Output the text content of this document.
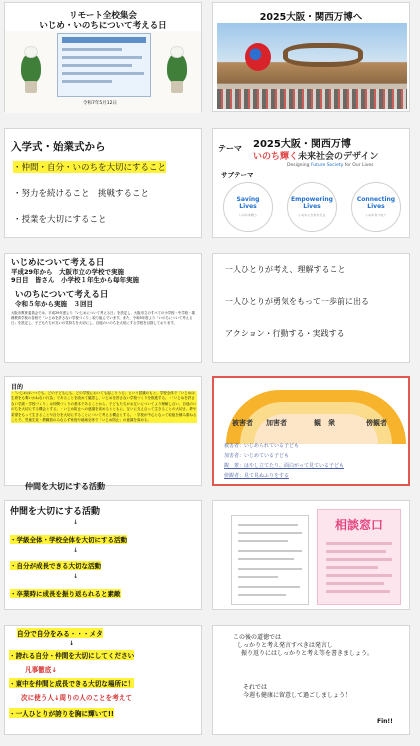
リモート全校集会
いじめ・いのちについて考える日
令和7年5月12日
2025大阪・関西万博へ
入学式・始業式から
・仲間・自分・いのちを大切にすること
・努力を続けること　挑戦すること
・授業を大切にすること
2025大阪・関西万博
テーマ
いのち輝く未来社会のデザイン
Designing Future Society for Our Lives
サブテーマ
Saving
Lives
いのちを救う
Empowering
Lives
いのちに力を与える
Connecting
Lives
いのちをつなぐ
いじめについて考える日
平成29年から　大阪市立の学校で実施
9日目　皆さん　小学校１年生から毎年実施
いのちについて考える日
令和５年から実施　３回目

大阪市教育委員会では、平成29年度より「いじめについて考える日」を設定し、大阪市立のすべての小学校・中学校・義務教育学校の各校で「いじめを許さない学校づくり」取り組んでいます。また、令和5年度より「いのちについて考える日」を設定し、子どもたちが互いの気持ちを大切にし、自他のいのちを大切にする学校を目指しております。

一人ひとりが考え、理解すること
一人ひとりが勇気をもって一歩前に出る
アクション・行動する・実践する
目的

・「いじめはいつでも、どの子どもにも、どの学校においても起こりうる」という認識のもと、学校全体で「いじめは生命をも奪いかねない行為」であることを改めて確認し、いじめを許さない学校づくりを推進する。・「いじめを許さない学級・学校づくり」は仲間づくりの基本であることから、子どもたちがお互いについてより理解し合い、自他のいのちを大切にする機会とする。・いじめ防止への意識を高めるとともに、互いに支え合って生きることの大切さ、夢や希望をもって生きることや自分を大切にすることについて考える機会とする。・学校が中心となって取組を積み重ねることで、児童生徒・教職員のみならず家庭や地域全体で「いじめ防止」の意識を高める。

仲間を大切にする活動
被害者 加害者	観　衆	傍観者
被害者：いじめられている子ども
加害者：いじめている子ども
観　衆：はやし立てたり、面白がって見ている子ども
傍観者：見て見ぬふりをする
仲間を大切にする活動
↓
・学級全体・学校全体を大切にする活動
↓
・自分が成長できる大切な活動
↓
・卒業時に成長を振り返られると素敵
相談窓口
自分で自分をみる・・・メタ
↓
・誇れる自分・仲間を大切にしてください
凡事徹底↓
・東中を仲間と成長できる大切な場所に！
次に使う人↓周りの人のことを考えて
・一人ひとりが誇りを胸に輝いて!!
この後の道徳では
しっかりと考え発言すべきは発言し
振り返りにはしっかりと考え等を書きましょう。
それでは
今週も健康に留意して過ごしましょう！
Fin!!
